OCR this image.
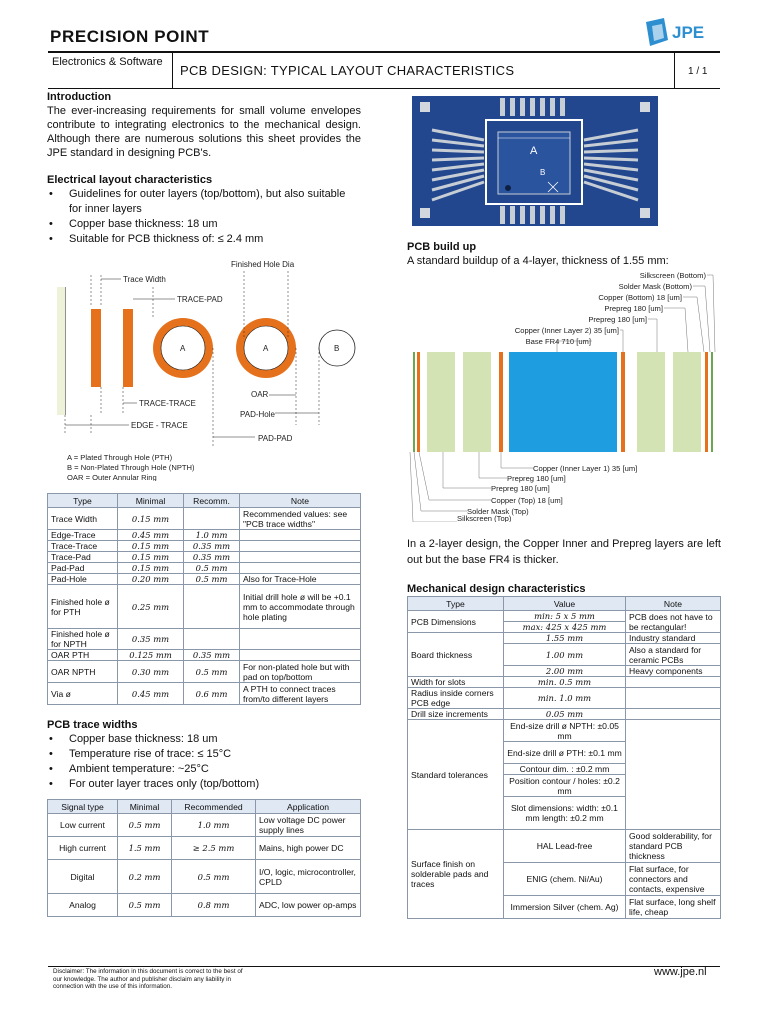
PRECISION POINT	JPE
Electronics & Software
PCB DESIGN: TYPICAL LAYOUT CHARACTERISTICS	1 / 1
Introduction

The ever-increasing requirements for small volume envelopes contribute to integrating electronics to the mechanical design. Although there are numerous solutions this sheet provides the JPE standard in designing PCB's.

Electrical layout characteristics
• Guidelines for outer layers (top/bottom), but also suitable for inner layers
• Copper base thickness: 18 um
• Suitable for PCB thickness of: ≤ 2.4 mm
A	A	B
Trace Width
Finished Hole Dia
TRACE-PAD
TRACE-TRACE
EDGE - TRACE
OAR
PAD-Hole
PAD-PAD
A = Plated Through Hole (PTH)
B = Non-Plated Through Hole (NPTH)
OAR = Outer Annular Ring
Type	Minimal	Recomm.	Note
Trace Width	0.15 mm		Recommended values: see "PCB trace widths"
Edge-Trace	0.45 mm	1.0 mm	
Trace-Trace	0.15 mm	0.35 mm	
Trace-Pad	0.15 mm	0.35 mm	
Pad-Pad	0.15 mm	0.5 mm	
Pad-Hole	0.20 mm	0.5 mm	Also for Trace-Hole
Finished hole ø for PTH	0.25 mm		Initial drill hole ø will be +0.1 mm to accommodate through hole plating
Finished hole ø for NPTH	0.35 mm		
OAR PTH	0.125 mm	0.35 mm	
OAR NPTH	0.30 mm	0.5 mm	For non-plated hole but with pad on top/bottom
Via ø	0.45 mm	0.6 mm	A PTH to connect traces from/to different layers
PCB trace widths
• Copper base thickness: 18 um
• Temperature rise of trace: ≤ 15°C
• Ambient temperature: ~25°C
• For outer layer traces only (top/bottom)
Signal type	Minimal	Recommended	Application
Low current	0.5 mm	1.0 mm	Low voltage DC power supply lines
High current	1.5 mm	≥ 2.5 mm	Mains, high power DC
Digital	0.2 mm	0.5 mm	I/O, logic, microcontroller, CPLD
Analog	0.5 mm	0.8 mm	ADC, low power op-amps
A
B
PCB build up

A standard buildup of a 4-layer, thickness of 1.55 mm:

Silkscreen (Bottom)
Solder Mask (Bottom)
Copper (Bottom) 18 [um]
Prepreg 180 [um]
Prepreg 180 [um]
Copper (Inner Layer 2) 35 [um]
Base FR4 710 [um]
Copper (Inner Layer 1) 35 [um]
Prepreg 180 [um]
Prepreg 180 [um]
Copper (Top) 18 [um]
Solder Mask (Top)
Silkscreen (Top)

In a 2-layer design, the Copper Inner and Prepreg layers are left out but the base FR4 is thicker.

Mechanical design characteristics
Type	Value	Note
PCB Dimensions	min: 5 x 5 mm	PCB does not have to be rectangular!
	max: 425 x 425 mm	
Board thickness	1.55 mm	Industry standard
	1.00 mm	Also a standard for ceramic PCBs
	2.00 mm	Heavy components
Width for slots	min. 0.5 mm	
Radius inside corners PCB edge	min. 1.0 mm	
Drill size increments	0.05 mm	
Standard tolerances	End-size drill ø NPTH: ±0.05 mm	
	End-size drill ø PTH: ±0.1 mm	
	Contour dim. : ±0.2 mm	
	Position contour / holes: ±0.2 mm	
	Slot dimensions: width: ±0.1 mm length: ±0.2 mm	
Surface finish on solderable pads and traces	HAL Lead-free	Good solderability, for standard PCB thickness
	ENIG (chem. Ni/Au)	Flat surface, for connectors and contacts, expensive
	Immersion Silver (chem. Ag)	Flat surface, long shelf life, cheap
Disclaimer: The information in this document is correct to the best of our knowledge. The author and publisher disclaim any liability in connection with the use of this information.
www.jpe.nl
